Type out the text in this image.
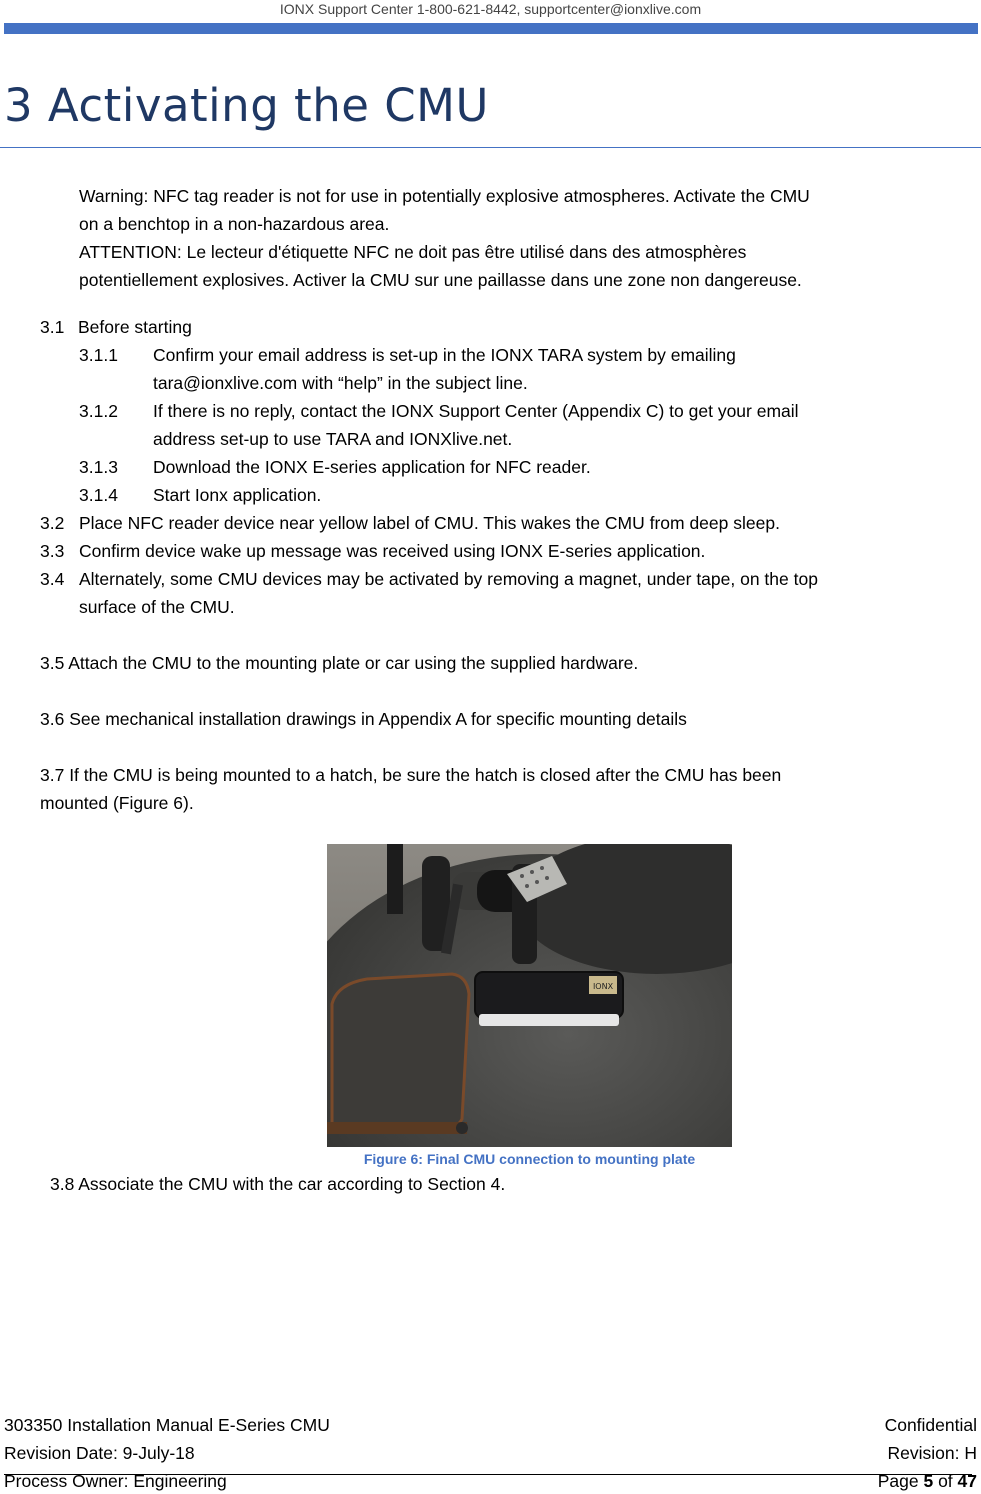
IONX Support Center 1-800-621-8442, supportcenter@ionxlive.com
3 Activating the CMU

Warning: NFC tag reader is not for use in potentially explosive atmospheres. Activate the CMU

on a benchtop in a non-hazardous area.

ATTENTION: Le lecteur d'étiquette NFC ne doit pas être utilisé dans des atmosphères

potentiellement explosives. Activer la CMU sur une paillasse dans une zone non dangereuse.

3.1 Before starting
3.1.1 Confirm your email address is set-up in the IONX TARA system by emailing
tara@ionxlive.com with “help” in the subject line.
3.1.2 If there is no reply, contact the IONX Support Center (Appendix C) to get your email
address set-up to use TARA and IONXlive.net.
3.1.3 Download the IONX E-series application for NFC reader.
3.1.4 Start Ionx application.
3.2 Place NFC reader device near yellow label of CMU. This wakes the CMU from deep sleep.
3.3 Confirm device wake up message was received using IONX E-series application.
3.4 Alternately, some CMU devices may be activated by removing a magnet, under tape, on the top
surface of the CMU.
3.5 Attach the CMU to the mounting plate or car using the supplied hardware.
3.6 See mechanical installation drawings in Appendix A for specific mounting details
3.7 If the CMU is being mounted to a hatch, be sure the hatch is closed after the CMU has been
mounted (Figure 6).
IONX
Figure 6: Final CMU connection to mounting plate
3.8 Associate the CMU with the car according to Section 4.
303350 Installation Manual E-Series CMU	Confidential
Revision Date: 9-July-18	Revision: H
Process Owner: Engineering	Page 5 of 47
